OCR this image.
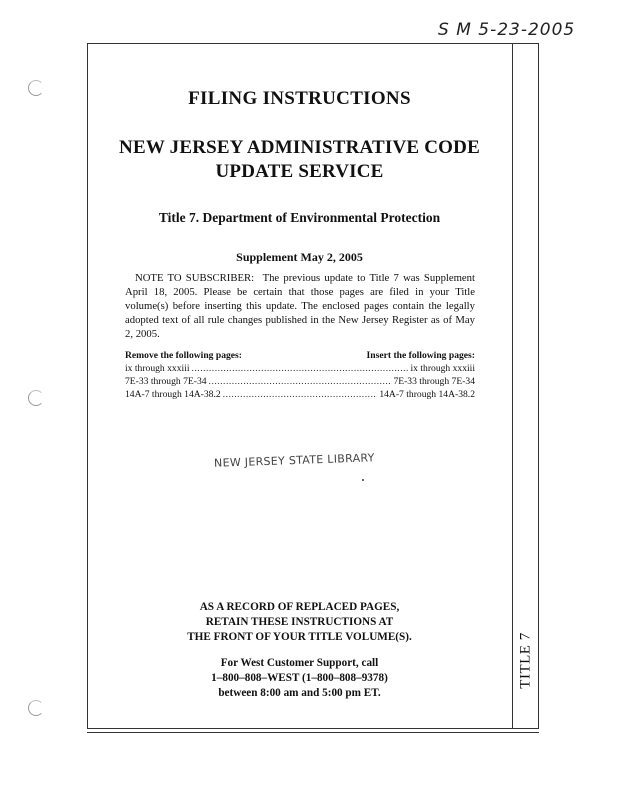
S M 5-23-2005
TITLE 7
FILING INSTRUCTIONS
NEW JERSEY ADMINISTRATIVE CODE
UPDATE SERVICE
Title 7. Department of Environmental Protection
Supplement May 2, 2005

NOTE TO SUBSCRIBER: The previous update to Title 7 was Supplement April 18, 2005. Please be certain that those pages are filed in your Title volume(s) before inserting this update. The enclosed pages contain the legally adopted text of all rule changes published in the New Jersey Register as of May 2, 2005.

Remove the following pages:	Insert the following pages:
ix through xxxiii .....	ix through xxxiii
7E-33 through 7E-34 .....	7E-33 through 7E-34
14A-7 through 14A-38.2 .....	14A-7 through 14A-38.2
NEW JERSEY STATE LIBRARY
AS A RECORD OF REPLACED PAGES,
RETAIN THESE INSTRUCTIONS AT
THE FRONT OF YOUR TITLE VOLUME(S).
For West Customer Support, call
1–800–808–WEST (1–800–808–9378)
between 8:00 am and 5:00 pm ET.
